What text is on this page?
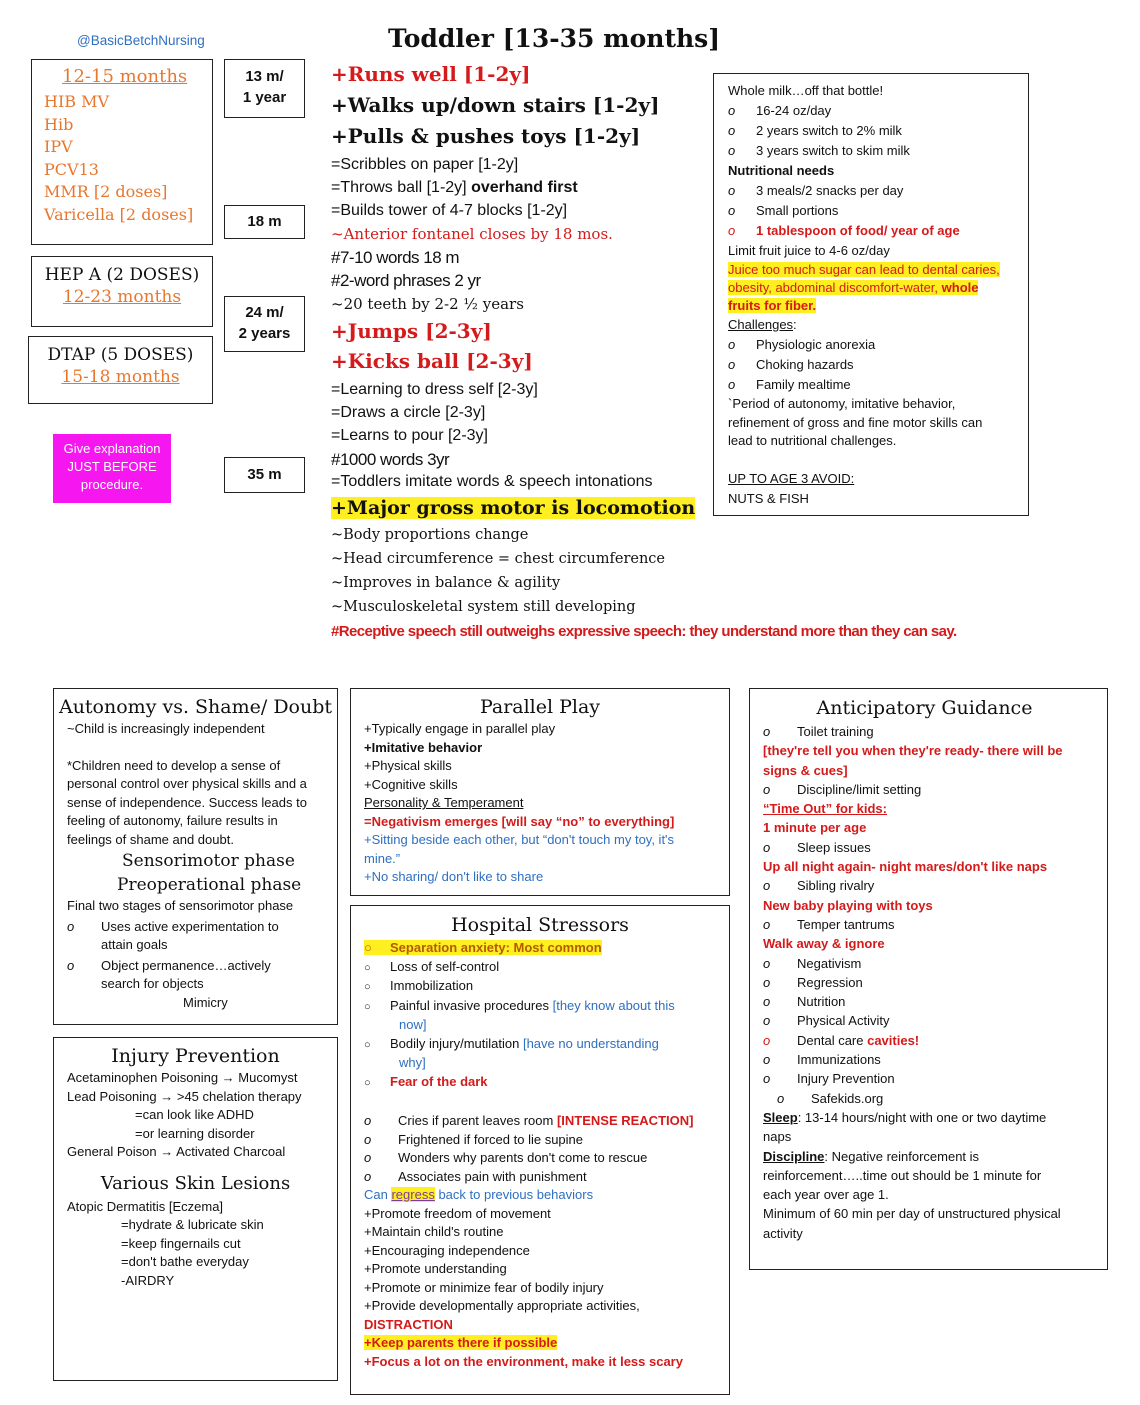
@BasicBetchNursing	Toddler [13-35 months]
12-15 months
HIB MV
Hib
IPV
PCV13
MMR [2 doses]
Varicella [2 doses]
HEP A (2 DOSES)
12-23 months
DTAP (5 DOSES)
15-18 months
Give explanation JUST BEFORE procedure.
13 m/
1 year
18 m
24 m/
2 years
35 m
+Runs well [1-2y]
+Walks up/down stairs [1-2y]
+Pulls & pushes toys [1-2y]
=Scribbles on paper [1-2y]
=Throws ball [1-2y] overhand first
=Builds tower of 4-7 blocks [1-2y]
~Anterior fontanel closes by 18 mos.
#7-10 words 18 m
#2-word phrases 2 yr
~20 teeth by 2-2 ½ years
+Jumps [2-3y]
+Kicks ball [2-3y]
=Learning to dress self [2-3y]
=Draws a circle [2-3y]
=Learns to pour [2-3y]
#1000 words 3yr
=Toddlers imitate words & speech intonations
+Major gross motor is locomotion
~Body proportions change
~Head circumference = chest circumference
~Improves in balance & agility
~Musculoskeletal system still developing
#Receptive speech still outweighs expressive speech: they understand more than they can say.
Whole milk…off that bottle!
o 16-24 oz/day
o 2 years switch to 2% milk
o 3 years switch to skim milk
Nutritional needs
o 3 meals/2 snacks per day
o Small portions
o 1 tablespoon of food/ year of age
Limit fruit juice to 4-6 oz/day
Juice too much sugar can lead to dental caries,
obesity, abdominal discomfort-water, whole
fruits for fiber.
Challenges:
o Physiologic anorexia
o Choking hazards
o Family mealtime
`Period of autonomy, imitative behavior,
refinement of gross and fine motor skills can
lead to nutritional challenges.
UP TO AGE 3 AVOID:
NUTS & FISH
Autonomy vs. Shame/ Doubt
~Child is increasingly independent
*Children need to develop a sense of
personal control over physical skills and a
sense of independence. Success leads to
feeling of autonomy, failure results in
feelings of shame and doubt.
Sensorimotor phase
Preoperational phase
Final two stages of sensorimotor phase
o Uses active experimentation to
attain goals
o Object permanence…actively
search for objects
Mimicry
Injury Prevention
Acetaminophen Poisoning → Mucomyst
Lead Poisoning → >45 chelation therapy
=can look like ADHD
=or learning disorder
General Poison → Activated Charcoal
Various Skin Lesions
Atopic Dermatitis [Eczema]
=hydrate & lubricate skin
=keep fingernails cut
=don't bathe everyday
-AIRDRY
Parallel Play
+Typically engage in parallel play
+Imitative behavior
+Physical skills
+Cognitive skills
Personality & Temperament
=Negativism emerges [will say “no” to everything]
+Sitting beside each other, but “don't touch my toy, it's
mine.”
+No sharing/ don't like to share
Hospital Stressors
○ Separation anxiety: Most common
○ Loss of self-control
○ Immobilization
○ Painful invasive procedures [they know about this
now]
○ Bodily injury/mutilation [have no understanding
why]
○ Fear of the dark
o Cries if parent leaves room [INTENSE REACTION]
o Frightened if forced to lie supine
o Wonders why parents don't come to rescue
o Associates pain with punishment
Can regress back to previous behaviors
+Promote freedom of movement
+Maintain child's routine
+Encouraging independence
+Promote understanding
+Promote or minimize fear of bodily injury
+Provide developmentally appropriate activities,
DISTRACTION
+Keep parents there if possible
+Focus a lot on the environment, make it less scary
Anticipatory Guidance
o Toilet training
[they're tell you when they're ready- there will be
signs & cues]
o Discipline/limit setting
“Time Out” for kids:
1 minute per age
o Sleep issues
Up all night again- night mares/don't like naps
o Sibling rivalry
New baby playing with toys
o Temper tantrums
Walk away & ignore
o Negativism
o Regression
o Nutrition
o Physical Activity
o Dental care cavities!
o Immunizations
o Injury Prevention
o Safekids.org
Sleep: 13-14 hours/night with one or two daytime
naps
Discipline: Negative reinforcement is
reinforcement…..time out should be 1 minute for
each year over age 1.
Minimum of 60 min per day of unstructured physical
activity
